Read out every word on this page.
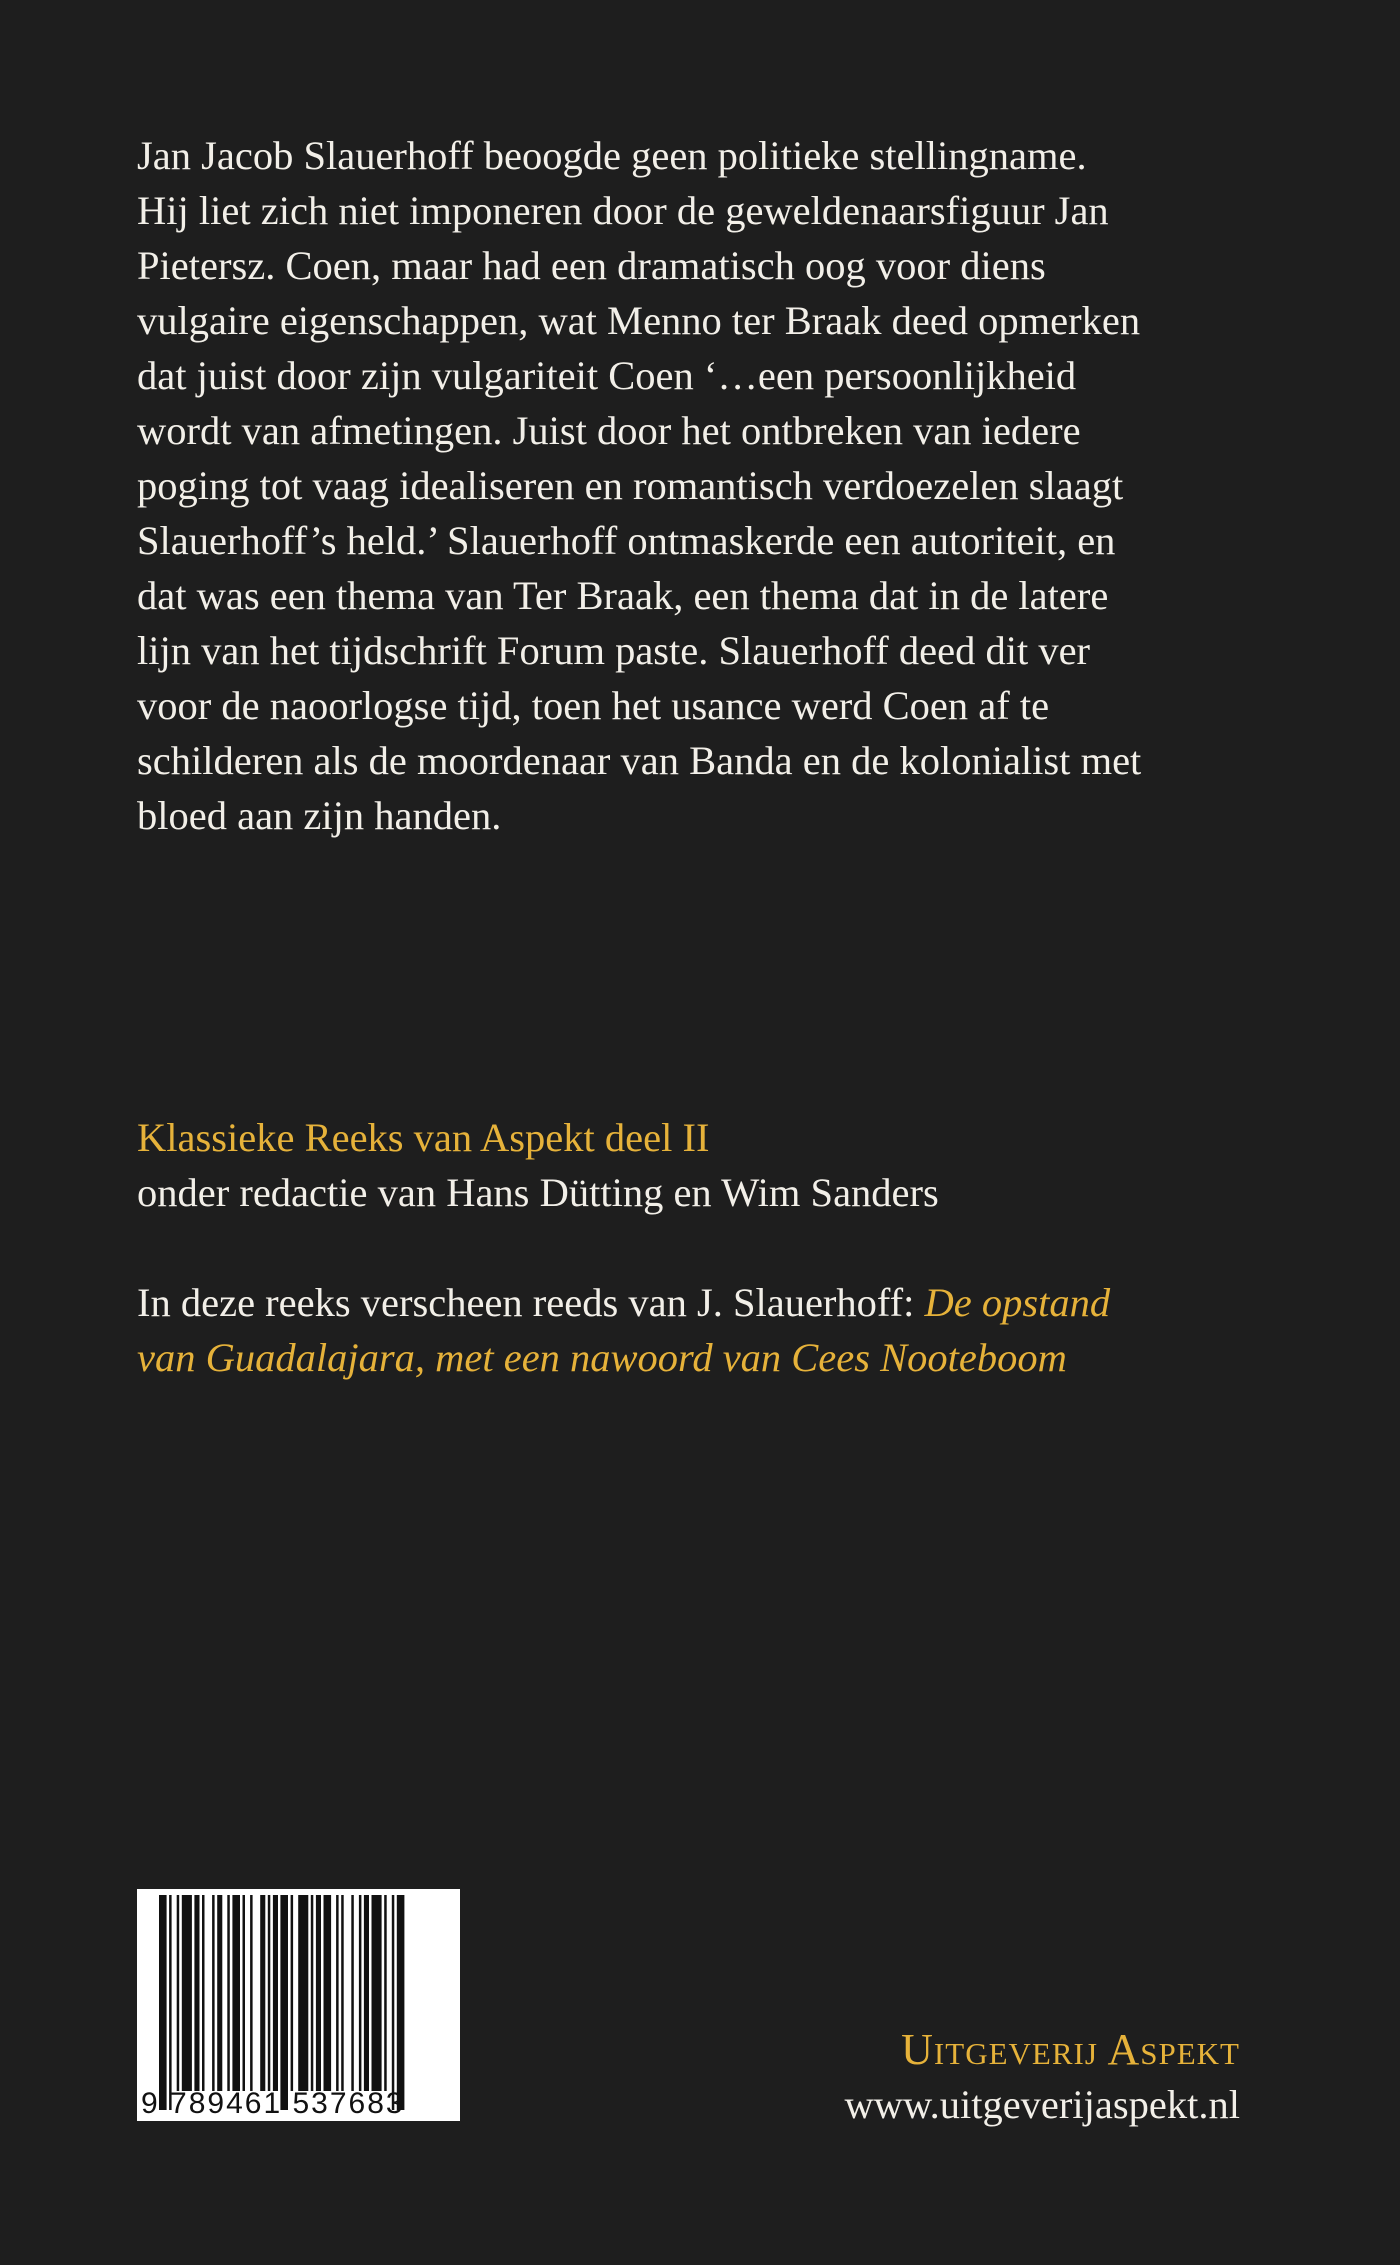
Jan Jacob Slauerhoff beoogde geen politieke stellingname.
Hij liet zich niet imponeren door de geweldenaarsfiguur Jan
Pietersz. Coen, maar had een dramatisch oog voor diens
vulgaire eigenschappen, wat Menno ter Braak deed opmerken
dat juist door zijn vulgariteit Coen ‘…een persoonlijkheid
wordt van afmetingen. Juist door het ontbreken van iedere
poging tot vaag idealiseren en romantisch verdoezelen slaagt
Slauerhoff’s held.’ Slauerhoff ontmaskerde een autoriteit, en
dat was een thema van Ter Braak, een thema dat in de latere
lijn van het tijdschrift Forum paste. Slauerhoff deed dit ver
voor de naoorlogse tijd, toen het usance werd Coen af te
schilderen als de moordenaar van Banda en de kolonialist met
bloed aan zijn handen.

Klassieke Reeks van Aspekt deel II

onder redactie van Hans Dütting en Wim Sanders

In deze reeks verscheen reeds van J. Slauerhoff: De opstand

van Guadalajara, met een nawoord van Cees Nooteboom

9 789461 537683
Uitgeverij Aspekt
www.uitgeverijaspekt.nl
